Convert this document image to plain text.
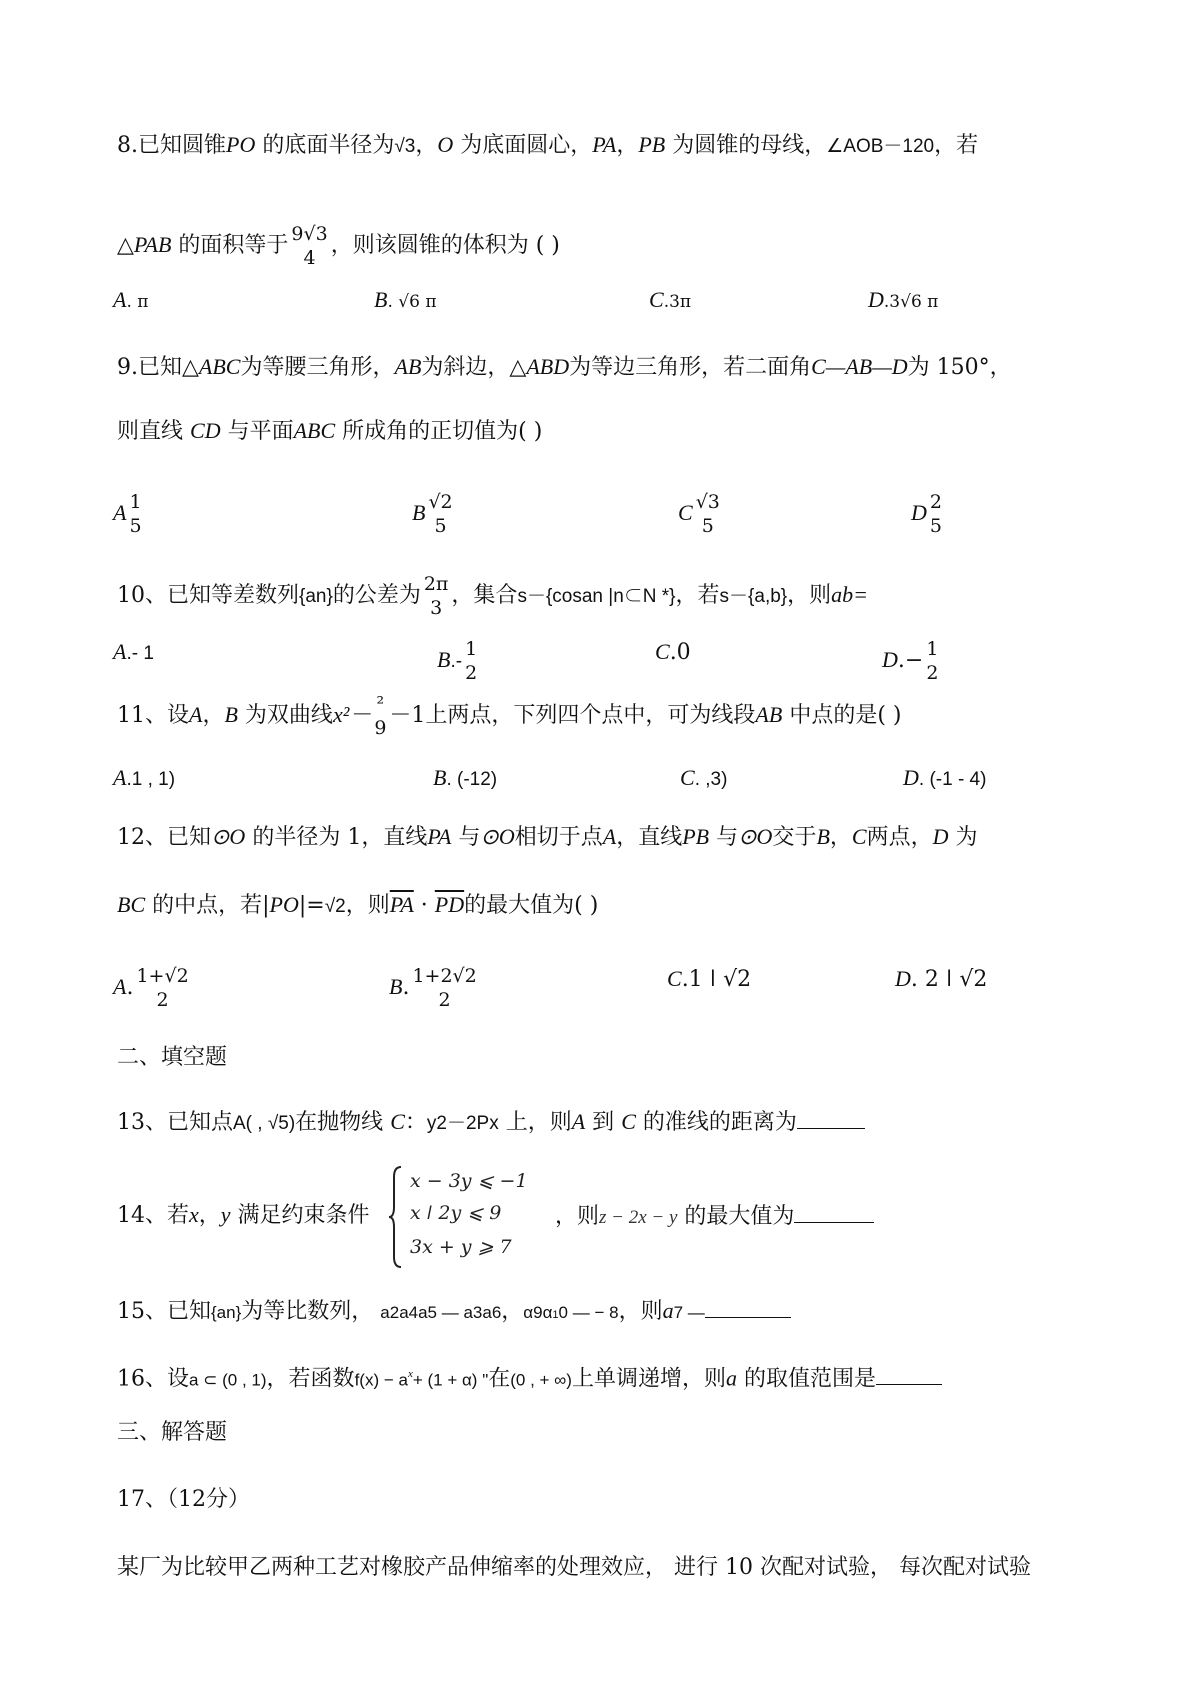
8.已知圆锥PO 的底面半径为√3，O 为底面圆心，PA，PB 为圆锥的母线，∠AOB－120，若
△PAB 的面积等于 9√3
4 ，则该圆锥的体积为 ( )
A. π	B. √6 π	C.3π	D.3√6 π
9.已知△ABC为等腰三角形，AB为斜边，△ABD为等边三角形，若二面角C—AB—D为 150°，
则直线 CD 与平面ABC 所成角的正切值为( )
A 1
5
B √2
5
C √3
5
D 2
5
10、已知等差数列{an}的公差为 2π
3 ，集合s－{cosan |n⊂N *}，若s－{a,b}，则ab=
A.- 1	B.-
1
2
C.0	D.− 1
2
11、设A，B 为双曲线x²－ ²
9 －1上两点，下列四个点中，可为线段AB 中点的是( )
A.1 , 1)	B. (-12)	C. ,3)	D. (-1 - 4)
12、已知⊙O 的半径为 1，直线PA 与⊙O相切于点A，直线PB 与⊙O交于B，C两点，D 为
BC 的中点，若|PO|=√2，则$\overline{PA} \cdot \overline{PD}$的最大值为( )
A. 1+√2
2
B. 1+2√2
2
C.1 ǀ √2	D. 2 ǀ √2
二、填空题
13、已知点A( , √5)在抛物线 C：y2－2Px 上，则A 到 C 的准线的距离为
14、若x，y 满足约束条件
x − 3y ⩽ −1
x ǀ 2y ⩽ 9
3x + y ⩾ 7
，则z − 2x − y 的最大值为
15、已知{an}为等比数列， a2a4a5 — a3a6，α9α10 — − 8，则a7 —
16、设a ⊂ (0 , 1)，若函数$f(x) - a^x+ (1 + \alpha)$ "在(0 , + ∞)上单调递增，则a 的取值范围是
三、解答题
17、（12分）
某厂为比较甲乙两种工艺对橡胶产品伸缩率的处理效应， 进行 10 次配对试验， 每次配对试验
